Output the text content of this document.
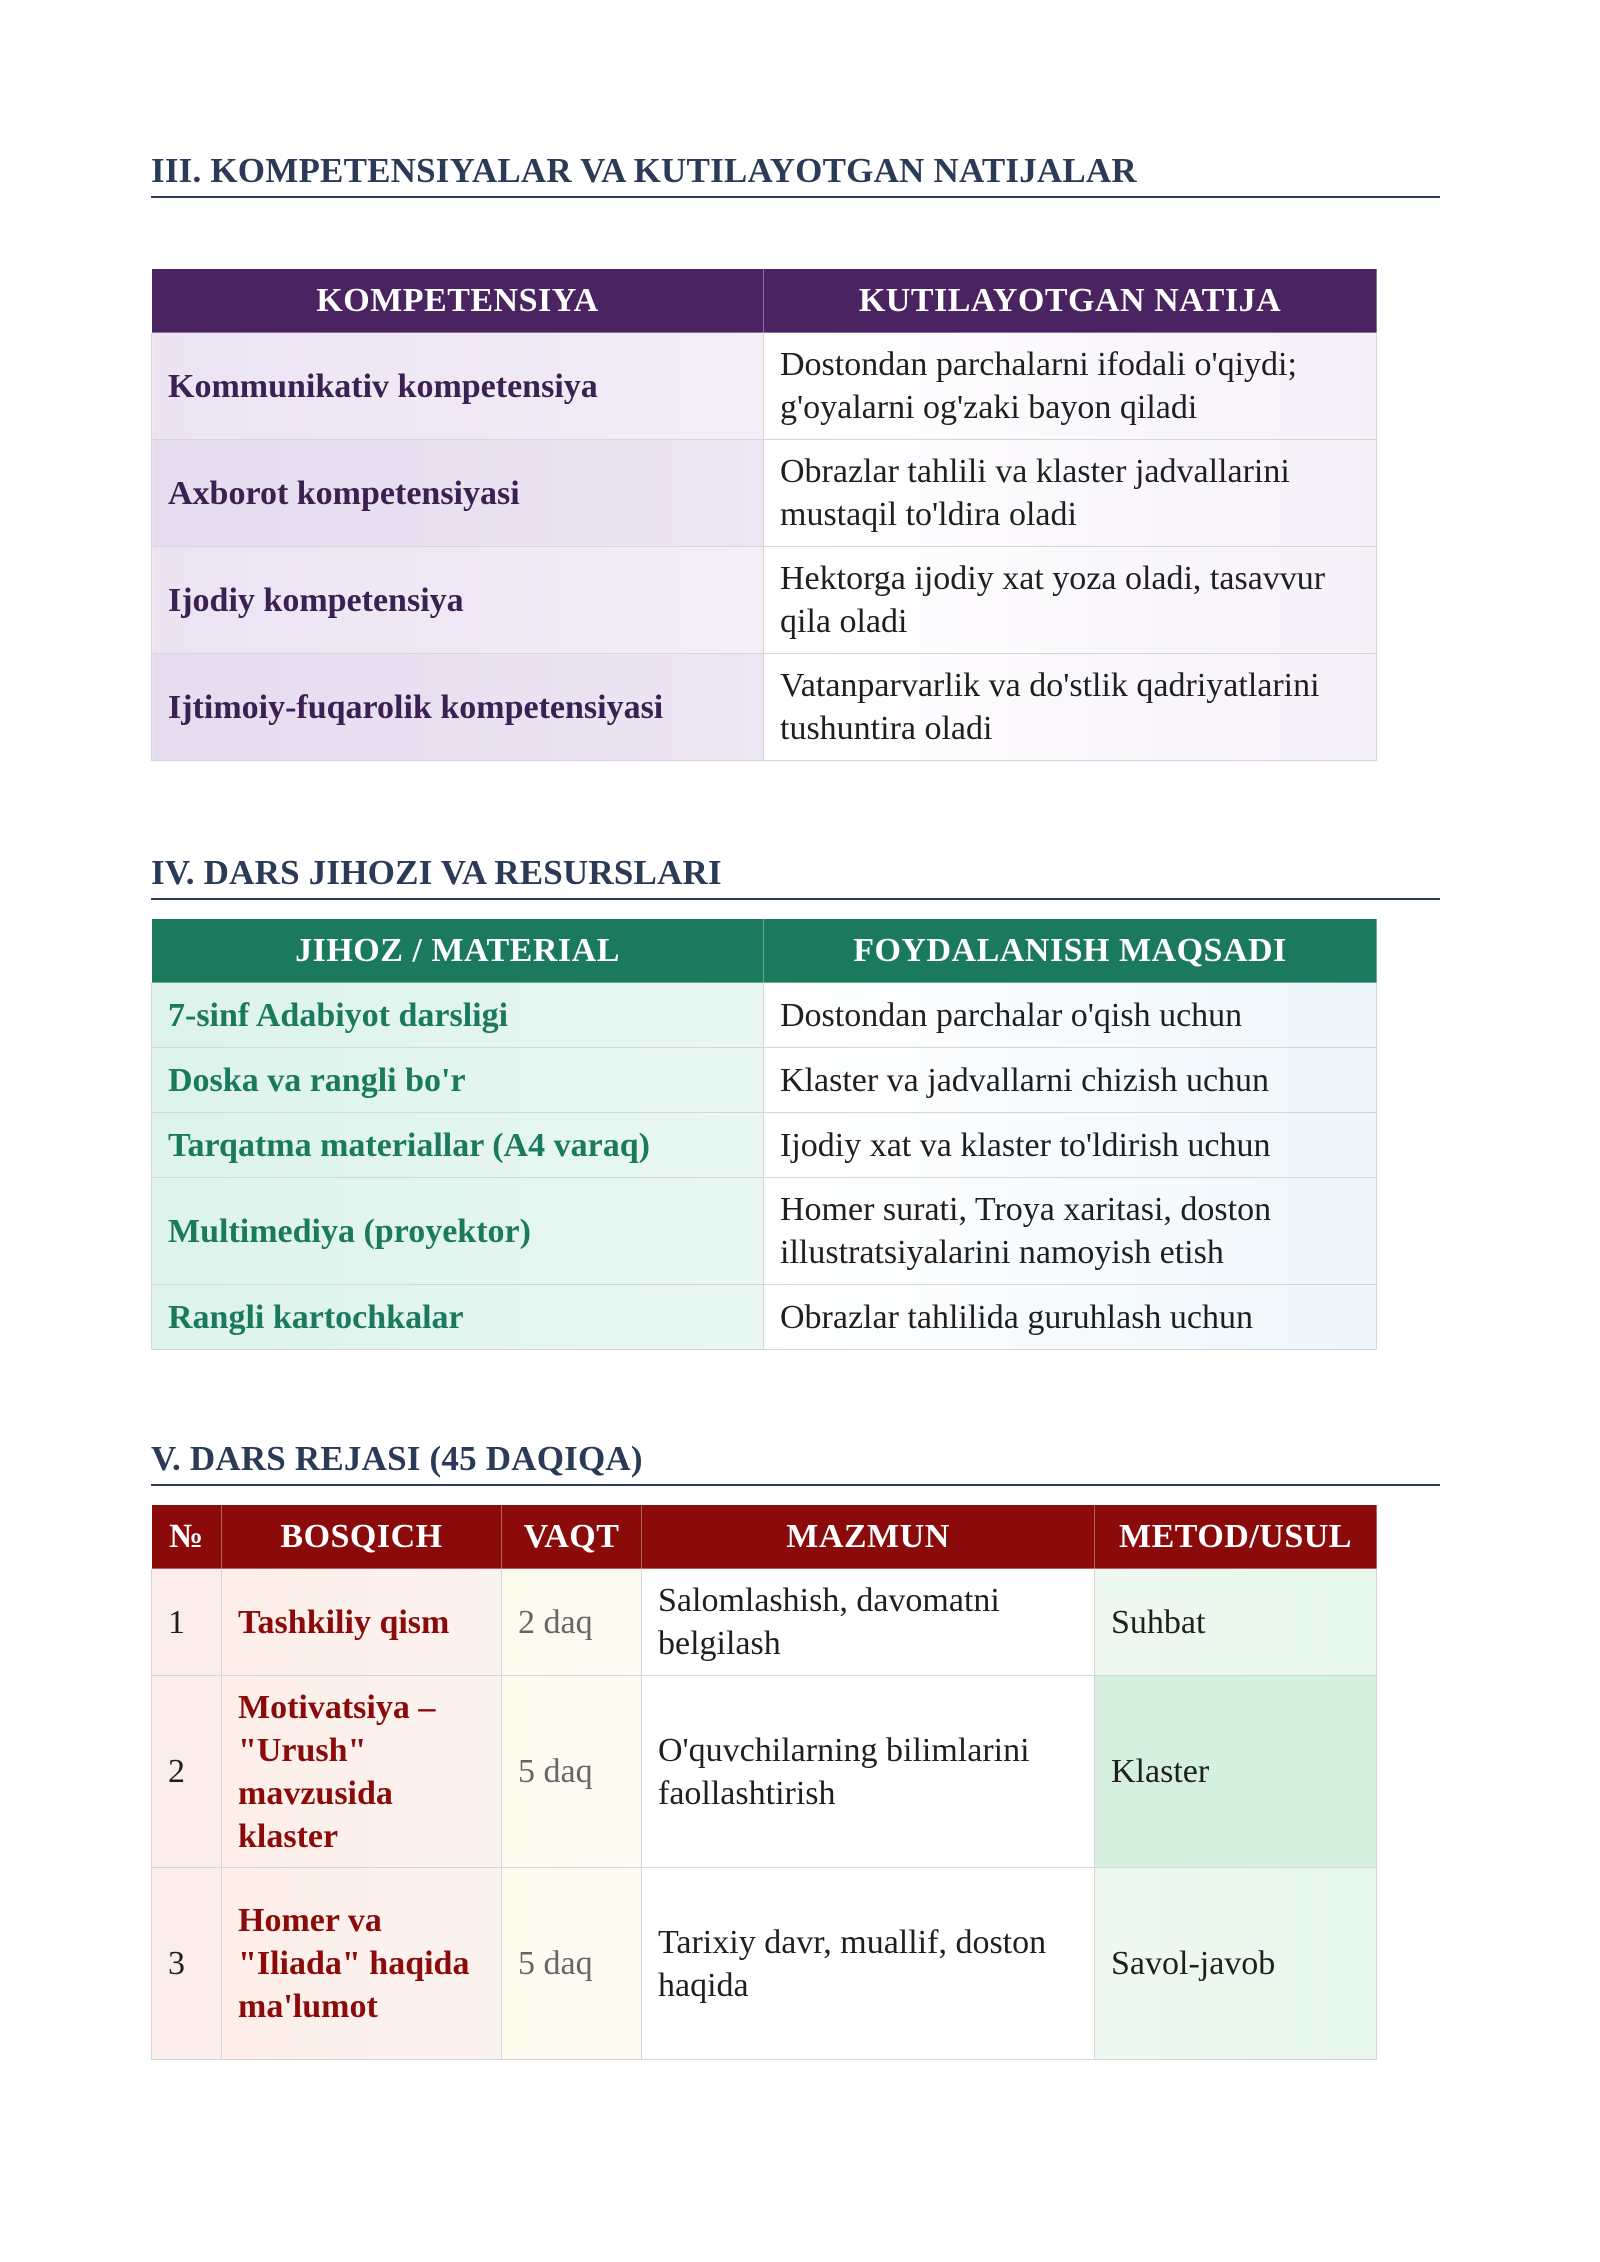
III. KOMPETENSIYALAR VA KUTILAYOTGAN NATIJALAR
KOMPETENSIYA	KUTILAYOTGAN NATIJA
Kommunikativ kompetensiya	Dostondan parchalarni ifodali o'qiydi; g'oyalarni og'zaki bayon qiladi
Axborot kompetensiyasi	Obrazlar tahlili va klaster jadvallarini mustaqil to'ldira oladi
Ijodiy kompetensiya	Hektorga ijodiy xat yoza oladi, tasavvur qila oladi
Ijtimoiy-fuqarolik kompetensiyasi	Vatanparvarlik va do'stlik qadriyatlarini tushuntira oladi
IV. DARS JIHOZI VA RESURSLARI
JIHOZ / MATERIAL	FOYDALANISH MAQSADI
7-sinf Adabiyot darsligi	Dostondan parchalar o'qish uchun
Doska va rangli bo'r	Klaster va jadvallarni chizish uchun
Tarqatma materiallar (A4 varaq)	Ijodiy xat va klaster to'ldirish uchun
Multimediya (proyektor)	Homer surati, Troya xaritasi, doston illustratsiyalarini namoyish etish
Rangli kartochkalar	Obrazlar tahlilida guruhlash uchun
V. DARS REJASI (45 DAQIQA)
№	BOSQICH	VAQT	MAZMUN	METOD/USUL
1	Tashkiliy qism	2 daq	Salomlashish, davomatni belgilash	Suhbat
2	Motivatsiya – "Urush" mavzusida klaster	5 daq	O'quvchilarning bilimlarini faollashtirish	Klaster
3	Homer va "Iliada" haqida ma'lumot	5 daq	Tarixiy davr, muallif, doston haqida	Savol-javob
